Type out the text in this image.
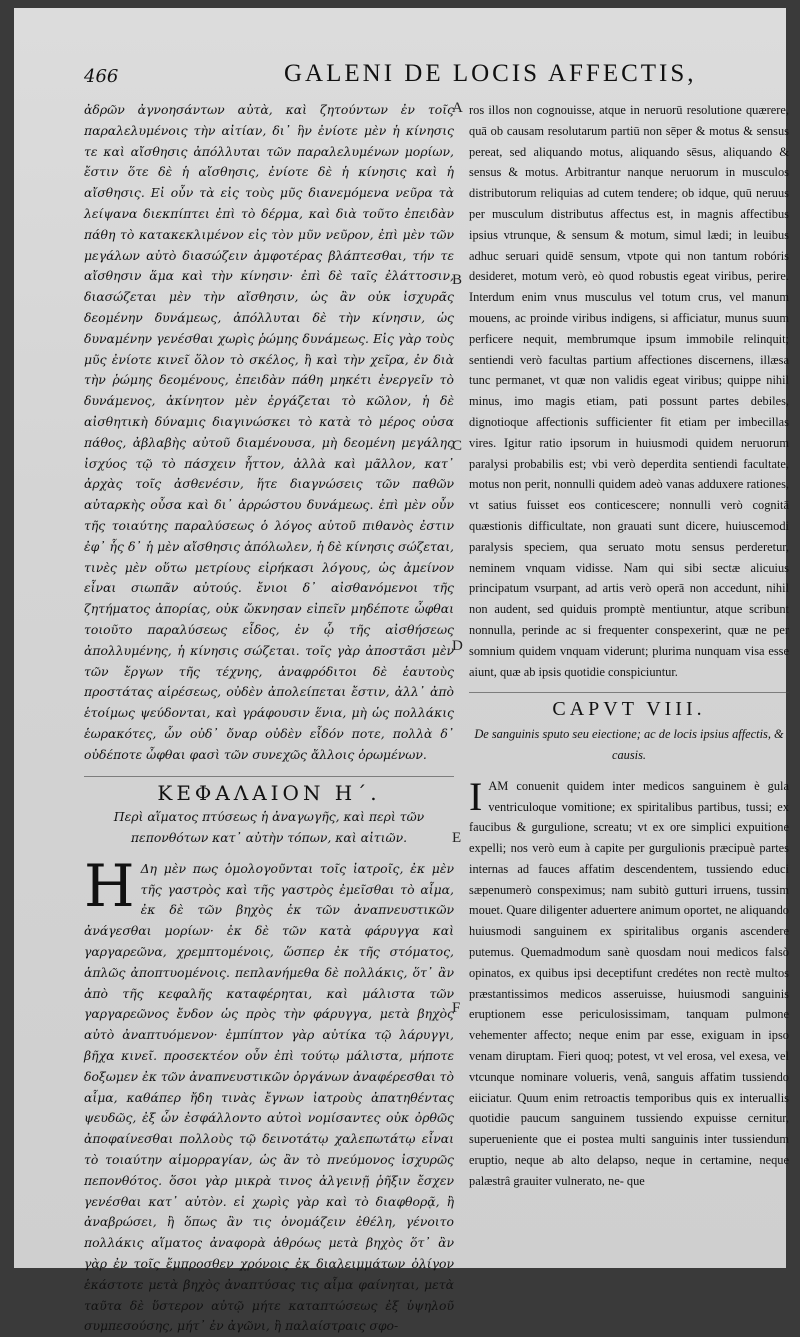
466	GALENI DE LOCIS AFFECTIS,

ἀδρῶν ἀγνοησάντων αὐτὰ, καὶ ζητούντων ἐν τοῖς παραλελυμένοις τὴν αἰτίαν, δι᾽ ἣν ἐνίοτε μὲν ἡ κίνησις τε καὶ αἴσθησις ἀπόλλυται τῶν παραλελυμένων μορίων, ἔστιν ὅτε δὲ ἡ αἴσθησις, ἐνίοτε δὲ ἡ κίνησις καὶ ἡ αἴσθησις. Εἰ οὖν τὰ εἰς τοὺς μῦς διανεμόμενα νεῦρα τὰ λείψανα διεκπίπτει ἐπὶ τὸ δέρμα, καὶ διὰ τοῦτο ἐπειδὰν πάθη τὸ κατακεκλιμένον εἰς τὸν μῦν νεῦρον, ἐπὶ μὲν τῶν μεγάλων αὐτὸ διασώζειν ἀμφοτέρας βλάπτεσθαι, τήν τε αἴσθησιν ἅμα καὶ τὴν κίνησιν· ἐπὶ δὲ ταῖς ἐλάττοσιν, διασώζεται μὲν τὴν αἴσθησιν, ὡς ἂν οὐκ ἰσχυρᾶς δεομένην δυνάμεως, ἀπόλλυται δὲ τὴν κίνησιν, ὡς δυναμένην γενέσθαι χωρὶς ῥώμης δυνάμεως. Εἰς γὰρ τοὺς μῦς ἐνίοτε κινεῖ ὅλον τὸ σκέλος, ἢ καὶ τὴν χεῖρα, ἐν διὰ τὴν ῥώμης δεομένους, ἐπειδὰν πάθη μηκέτι ἐνεργεῖν τὸ δυνάμενος, ἀκίνητον μὲν ἐργάζεται τὸ κῶλον, ἡ δὲ αἰσθητικὴ δύναμις διαγινώσκει τὸ κατὰ τὸ μέρος οὐσα πάθος, ἀβλαβὴς αὐτοῦ διαμένουσα, μὴ δεομένη μεγάλης ἰσχύος τῷ τὸ πάσχειν ἧττον, ἀλλὰ καὶ μᾶλλον, κατ᾽ ἀρχὰς τοῖς ἀσθενέσιν, ἥτε διαγνώσεις τῶν παθῶν αὐταρκὴς οὖσα καὶ δι᾽ ἀρρώστου δυνάμεως. ἐπὶ μὲν οὖν τῆς τοιαύτης παραλύσεως ὁ λόγος αὐτοῦ πιθανὸς ἐστιν ἐφ᾽ ἧς δ᾽ ἡ μὲν αἴσθησις ἀπόλωλεν, ἡ δὲ κίνησις σώζεται, τινὲς μὲν οὕτω μετρίους εἰρήκασι λόγους, ὡς ἀμείνον εἶναι σιωπᾶν αὐτούς. ἔνιοι δ᾽ αἰσθανόμενοι τῆς ζητήματος ἀπορίας, οὐκ ὤκνησαν εἰπεῖν μηδέποτε ὦφθαι τοιοῦτο παραλύσεως εἶδος, ἐν ᾧ τῆς αἰσθήσεως ἀπολλυμένης, ἡ κίνησις σώζεται. τοῖς γὰρ ἀποστᾶσι μὲν τῶν ἔργων τῆς τέχνης, ἀναφρόδιτοι δὲ ἑαυτοὺς προστάτας αἱρέσεως, οὐδὲν ἀπολείπεται ἔστιν, ἀλλ᾽ ἀπὸ ἑτοίμως ψεύδονται, καὶ γράφουσιν ἕνια, μὴ ὡς πολλάκις ἑωρακότες, ὧν οὐδ᾽ ὄναρ οὐδὲν εἶδόν ποτε, πολλὰ δ᾽ οὐδέποτε ὦφθαι φασὶ τῶν συνεχῶς ἄλλοις ὁρωμένων.

ΚΕΦΑΛΑΙΟΝ Η΄.
Περὶ αἵματος πτύσεως ἡ ἀναγωγῆς, καὶ περὶ τῶν πεπονθότων κατ᾽ αὐτὴν τόπων, καὶ αἰτιῶν.

Η Δη μὲν πως ὁμολογοῦνται τοῖς ἰατροῖς, ἐκ μὲν τῆς γαστρὸς καὶ τῆς γαστρὸς ἐμεῖσθαι τὸ αἷμα, ἐκ δὲ τῶν βηχὸς ἐκ τῶν ἀναπνευστικῶν ἀνάγεσθαι μορίων· ἐκ δὲ τῶν κατὰ φάρυγγα καὶ γαργαρεῶνα, χρεμπτομένοις, ὥσπερ ἐκ τῆς στόματος, ἁπλῶς ἀποπτυομένοις. πεπλανήμεθα δὲ πολλάκις, ὅτ᾽ ἂν ἀπὸ τῆς κεφαλῆς καταφέρηται, καὶ μάλιστα τῶν γαργαρεῶνος ἔνδον ὡς πρὸς τὴν φάρυγγα, μετὰ βηχὸς αὐτὸ ἀναπτυόμενον· ἐμπίπτον γὰρ αὐτίκα τῷ λάρυγγι, βῆχα κινεῖ. προσεκτέον οὖν ἐπὶ τούτῳ μάλιστα, μήποτε δοξωμεν ἐκ τῶν ἀναπνευστικῶν ὀργάνων ἀναφέρεσθαι τὸ αἷμα, καθάπερ ἤδη τινὰς ἔγνων ἰατροὺς ἀπατηθέντας ψευδῶς, ἐξ ὧν ἐσφάλλοντο αὐτοὶ νομίσαντες οὐκ ὀρθῶς ἀποφαίνεσθαι πολλοὺς τῷ δεινοτάτῳ χαλεπωτάτῳ εἶναι τὸ τοιαύτην αἱμορραγίαν, ὡς ἂν τὸ πνεύμονος ἰσχυρῶς πεπονθότος. ὅσοι γὰρ μικρὰ τινος ἀλγεινῇ ῥῆξιν ἔσχεν γενέσθαι κατ᾽ αὐτὸν. εἰ χωρὶς γὰρ καὶ τὸ διαφθορᾷ, ἢ ἀναβρώσει, ἢ ὅπως ἂν τις ὀνομάζειν ἐθέλη, γένοιτο πολλάκις αἵματος ἀναφορὰ ἀθρόως μετὰ βηχὸς ὅτ᾽ ἂν γὰρ ἐν τοῖς ἔμπροσθεν χρόνοις ἐκ διαλειμμάτων ὀλίγον ἑκάστοτε μετὰ βηχὸς ἀναπτύσας τις αἷμα φαίνηται, μετὰ ταῦτα δὲ ὕστερον αὐτῷ μήτε καταπτώσεως ἐξ ὑψηλοῦ συμπεσούσης, μήτ᾽ ἐν ἀγῶνι, ἢ παλαίστραις σφο-

A
B
C
D
E
F

ros illos non cognouisse, atque in neruorū resolutione quærere, quā ob causam resolutarum partiū non sēper & motus & sensus pereat, sed aliquando motus, aliquando sēsus, aliquando & sensus & motus. Arbitrantur nanque neruorum in musculos distributorum reliquias ad cutem tendere; ob idque, quū neruus per musculum distributus affectus est, in magnis affectibus ipsius vtrunque, & sensum & motum, simul lædi; in leuibus adhuc seruari quidē sensum, vtpote qui non tantum robóris desideret, motum verò, eò quod robustis egeat viribus, perire. Interdum enim vnus musculus vel totum crus, vel manum mouens, ac proinde viribus indigens, si afficiatur, munus suum perficere nequit, membrumque ipsum immobile relinquit; sentiendi verò facultas partium affectiones discernens, illæsa tunc permanet, vt quæ non validis egeat viribus; quippe nihil minus, imo magis etiam, pati possunt partes debiles, dignotioque affectionis sufficienter fit etiam per imbecillas vires. Igitur ratio ipsorum in huiusmodi quidem neruorum paralysi probabilis est; vbi verò deperdita sentiendi facultate, motus non perit, nonnulli quidem adeò vanas adduxere rationes, vt satius fuisset eos conticescere; nonnulli verò cognitā quæstionis difficultate, non grauati sunt dicere, huiuscemodi paralysis speciem, qua seruato motu sensus perderetur, neminem vnquam vidisse. Nam qui sibi sectæ alicuius principatum vsurpant, ad artis verò operā non accedunt, nihil non audent, sed quiduis promptè mentiuntur, atque scribunt nonnulla, perinde ac si frequenter conspexerint, quæ ne per somnium quidem vnquam viderunt; plurima nunquam visa esse aiunt, quæ ab ipsis quotidie conspiciuntur.

CAPVT VIII.
De sanguinis sputo seu eiectione; ac de locis ipsius affectis, & causis.

IAM conuenit quidem inter medicos sanguinem è gula ventriculoque vomitione; ex spiritalibus partibus, tussi; ex faucibus & gurgulione, screatu; vt ex ore simplici expuitione expelli; nos verò eum à capite per gurgulionis præcipuè partes internas ad fauces affatim descendentem, tussiendo educi sæpenumerò conspeximus; nam subitò gutturi irruens, tussim mouet. Quare diligenter aduertere animum oportet, ne aliquando huiusmodi sanguinem ex spiritalibus organis ascendere putemus. Quemadmodum sanè quosdam noui medicos falsò opinatos, ex quibus ipsi deceptifunt credétes non rectè multos præstantissimos medicos asseruisse, huiusmodi sanguinis eruptionem esse periculosissimam, tanquam pulmone vehementer affecto; neque enim par esse, exiguam in ipso venam diruptam. Fieri quoq; potest, vt vel erosa, vel exesa, vel vtcunque nominare volueris, venâ, sanguis affatim tussiendo eiiciatur. Quum enim retroactis temporibus quis ex interuallis quotidie paucum sanguinem tussiendo expuisse cernitur, superueniente que ei postea multi sanguinis inter tussiendum eruptio, neque ab alto delapso, neque in certamine, neque palæstrâ grauiter vulnerato, ne- que
